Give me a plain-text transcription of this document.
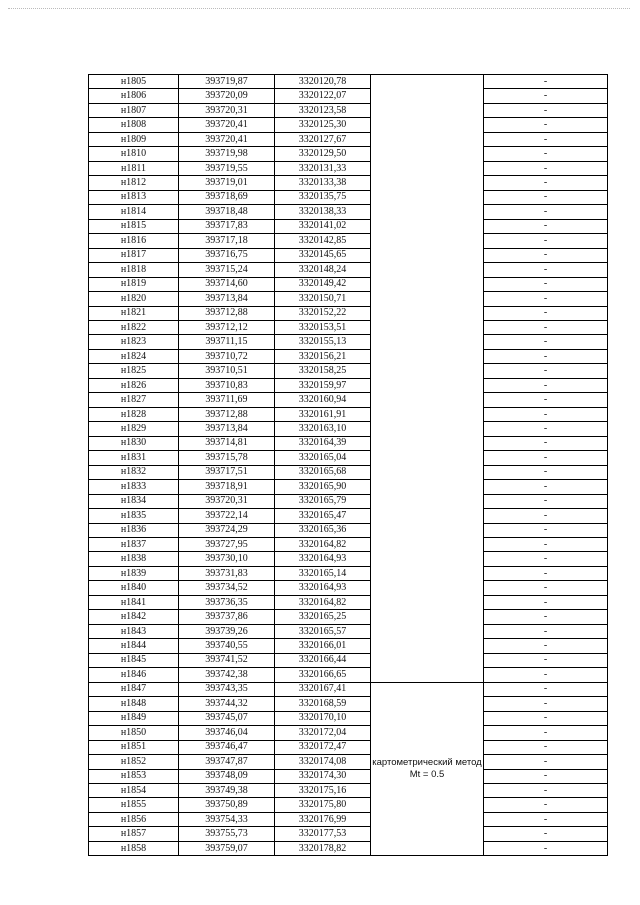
н1805	393719,87	3320120,78		-
н1806	393720,09	3320122,07		-
н1807	393720,31	3320123,58		-
н1808	393720,41	3320125,30		-
н1809	393720,41	3320127,67		-
н1810	393719,98	3320129,50		-
н1811	393719,55	3320131,33		-
н1812	393719,01	3320133,38		-
н1813	393718,69	3320135,75		-
н1814	393718,48	3320138,33		-
н1815	393717,83	3320141,02		-
н1816	393717,18	3320142,85		-
н1817	393716,75	3320145,65		-
н1818	393715,24	3320148,24		-
н1819	393714,60	3320149,42		-
н1820	393713,84	3320150,71		-
н1821	393712,88	3320152,22		-
н1822	393712,12	3320153,51		-
н1823	393711,15	3320155,13		-
н1824	393710,72	3320156,21		-
н1825	393710,51	3320158,25		-
н1826	393710,83	3320159,97		-
н1827	393711,69	3320160,94		-
н1828	393712,88	3320161,91		-
н1829	393713,84	3320163,10		-
н1830	393714,81	3320164,39		-
н1831	393715,78	3320165,04		-
н1832	393717,51	3320165,68		-
н1833	393718,91	3320165,90		-
н1834	393720,31	3320165,79		-
н1835	393722,14	3320165,47		-
н1836	393724,29	3320165,36		-
н1837	393727,95	3320164,82		-
н1838	393730,10	3320164,93		-
н1839	393731,83	3320165,14		-
н1840	393734,52	3320164,93		-
н1841	393736,35	3320164,82		-
н1842	393737,86	3320165,25		-
н1843	393739,26	3320165,57		-
н1844	393740,55	3320166,01		-
н1845	393741,52	3320166,44		-
н1846	393742,38	3320166,65		-
н1847	393743,35	3320167,41	картометрический метод Mt = 0.5	-
н1848	393744,32	3320168,59		-
н1849	393745,07	3320170,10		-
н1850	393746,04	3320172,04		-
н1851	393746,47	3320172,47		-
н1852	393747,87	3320174,08		-
н1853	393748,09	3320174,30		-
н1854	393749,38	3320175,16		-
н1855	393750,89	3320175,80		-
н1856	393754,33	3320176,99		-
н1857	393755,73	3320177,53		-
н1858	393759,07	3320178,82		-
